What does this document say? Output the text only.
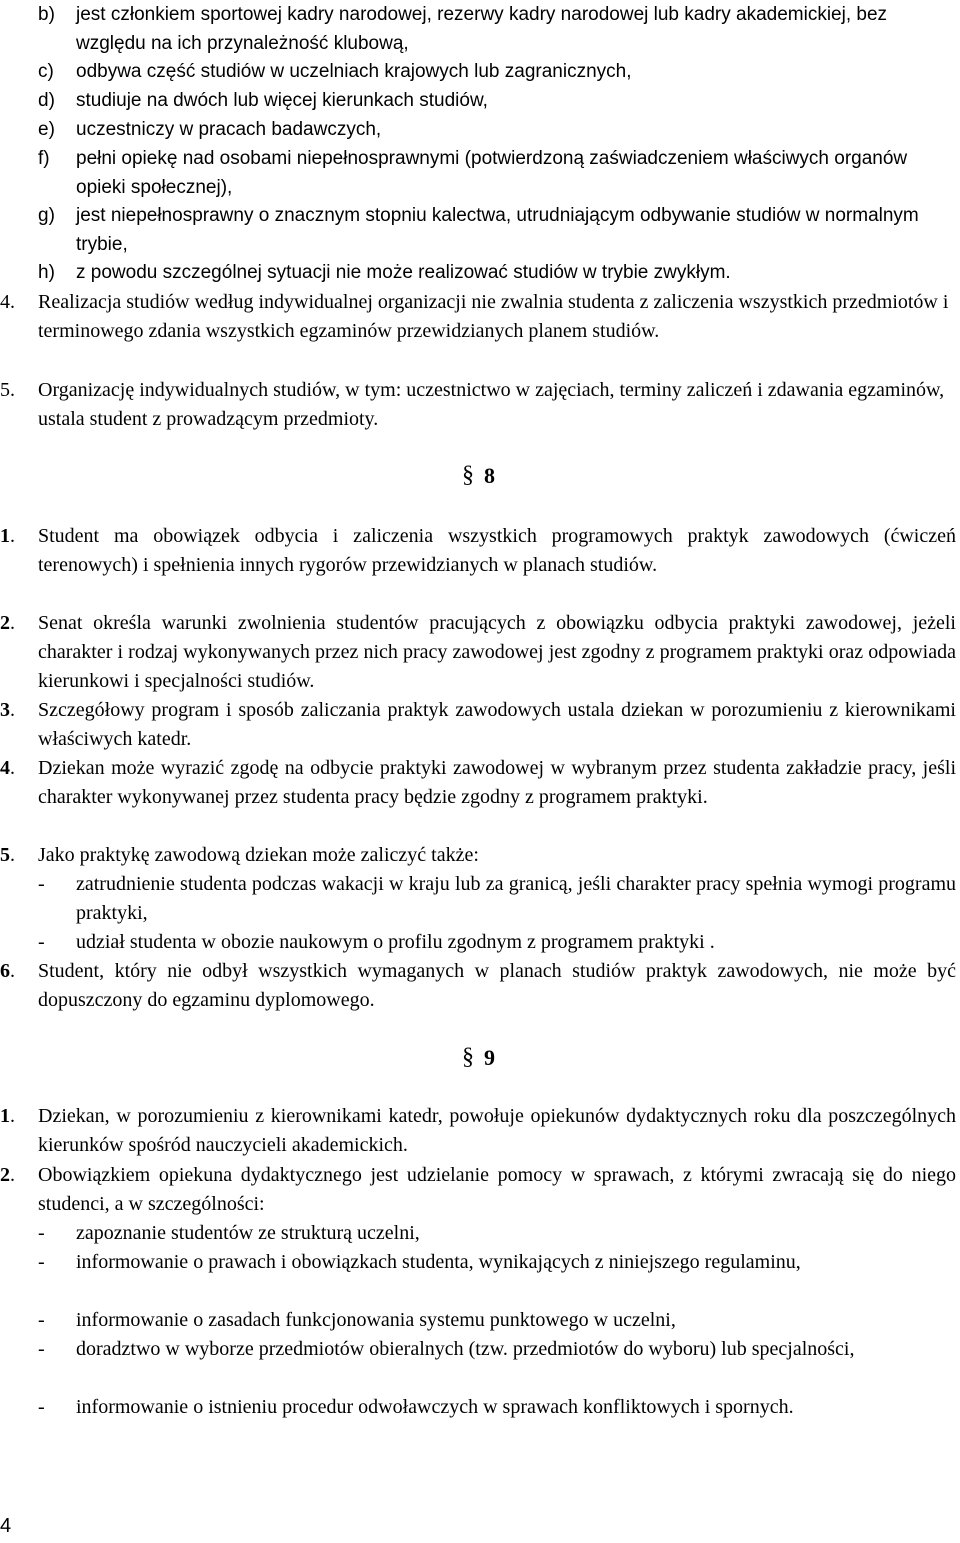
b)	jest członkiem sportowej kadry narodowej, rezerwy kadry narodowej lub kadry akademickiej, bez względu na ich przynależność klubową,
c)	odbywa część studiów w uczelniach krajowych lub zagranicznych,
d)	studiuje na dwóch lub więcej kierunkach studiów,
e)	uczestniczy w pracach badawczych,
f)	pełni opiekę nad osobami niepełnosprawnymi (potwierdzoną zaświadczeniem właściwych organów opieki społecznej),
g)	jest niepełnosprawny o znacznym stopniu kalectwa, utrudniającym odbywanie studiów w normalnym trybie,
h)	z powodu szczególnej sytuacji nie może realizować studiów w trybie zwykłym.
4.	Realizacja studiów według indywidualnej organizacji nie zwalnia studenta z zaliczenia wszystkich przedmiotów i terminowego zdania wszystkich egzaminów przewidzianych planem studiów.
5.	Organizację indywidualnych studiów, w tym: uczestnictwo w zajęciach, terminy zaliczeń i zdawania egzaminów, ustala student z prowadzącym przedmioty.
§ 8
1.	Student ma obowiązek odbycia i zaliczenia wszystkich programowych praktyk zawodowych (ćwiczeń terenowych) i spełnienia innych rygorów przewidzianych w planach studiów.
2.	Senat określa warunki zwolnienia studentów pracujących z obowiązku odbycia praktyki zawodowej, jeżeli charakter i rodzaj wykonywanych przez nich pracy zawodowej jest zgodny z programem praktyki oraz odpowiada kierunkowi i specjalności studiów.
3.	Szczegółowy program i sposób zaliczania praktyk zawodowych ustala dziekan w porozumieniu z kierownikami właściwych katedr.
4.	Dziekan może wyrazić zgodę na odbycie praktyki zawodowej w wybranym przez studenta zakładzie pracy, jeśli charakter wykonywanej przez studenta pracy będzie zgodny z programem praktyki.
5.	Jako praktykę zawodową dziekan może zaliczyć także:
-	zatrudnienie studenta podczas wakacji w kraju lub za granicą, jeśli charakter pracy spełnia wymogi programu praktyki,
-	udział studenta w obozie naukowym o profilu zgodnym z programem praktyki .
6.	Student, który nie odbył wszystkich wymaganych w planach studiów praktyk zawodowych, nie może być dopuszczony do egzaminu dyplomowego.
§ 9
1.	Dziekan, w porozumieniu z kierownikami katedr, powołuje opiekunów dydaktycznych roku dla poszczególnych kierunków spośród nauczycieli akademickich.
2.	Obowiązkiem opiekuna dydaktycznego jest udzielanie pomocy w sprawach, z którymi zwracają się do niego studenci, a w szczególności:
-	zapoznanie studentów ze strukturą uczelni,
-	informowanie o prawach i obowiązkach studenta, wynikających z niniejszego regulaminu,
-	informowanie o zasadach funkcjonowania systemu punktowego w uczelni,
-	doradztwo w wyborze przedmiotów obieralnych (tzw. przedmiotów do wyboru) lub specjalności,
-	informowanie o istnieniu procedur odwoławczych w sprawach konfliktowych i spornych.
4
